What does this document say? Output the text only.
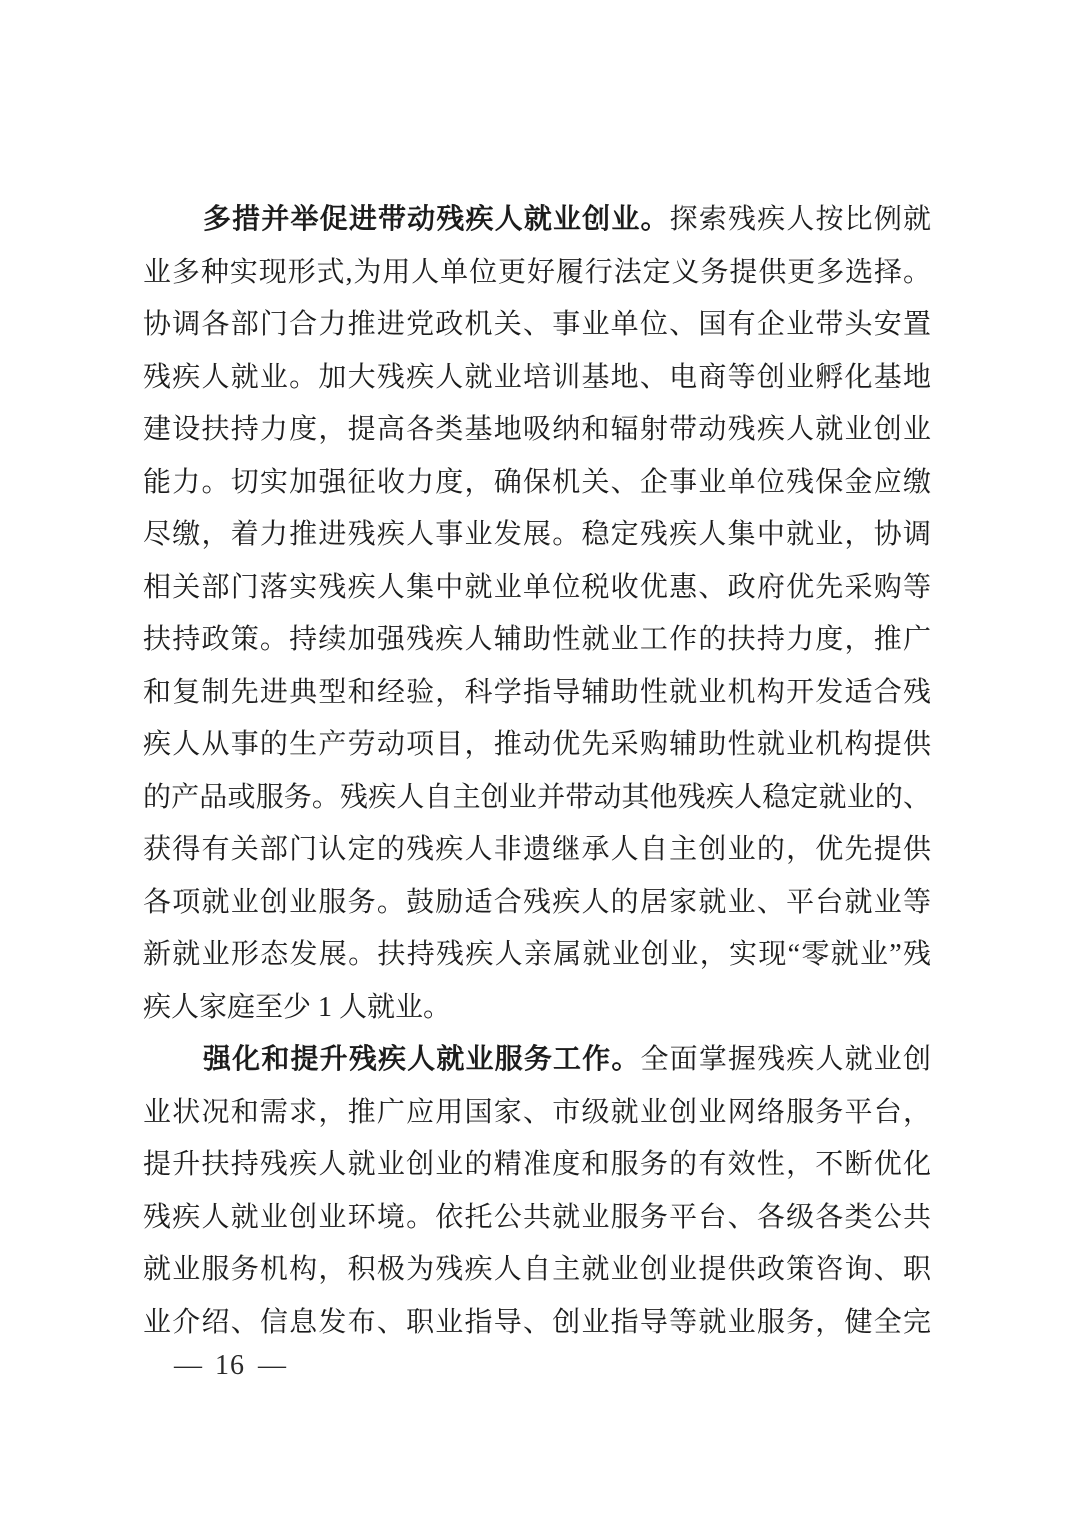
多措并举促进带动残疾人就业创业。探索残疾人按比例就
业多种实现形式,为用人单位更好履行法定义务提供更多选择。
协调各部门合力推进党政机关、事业单位、国有企业带头安置
残疾人就业。加大残疾人就业培训基地、电商等创业孵化基地
建设扶持力度，提高各类基地吸纳和辐射带动残疾人就业创业
能力。切实加强征收力度，确保机关、企事业单位残保金应缴
尽缴，着力推进残疾人事业发展。稳定残疾人集中就业，协调
相关部门落实残疾人集中就业单位税收优惠、政府优先采购等
扶持政策。持续加强残疾人辅助性就业工作的扶持力度，推广
和复制先进典型和经验，科学指导辅助性就业机构开发适合残
疾人从事的生产劳动项目，推动优先采购辅助性就业机构提供
的产品或服务。残疾人自主创业并带动其他残疾人稳定就业的、
获得有关部门认定的残疾人非遗继承人自主创业的，优先提供
各项就业创业服务。鼓励适合残疾人的居家就业、平台就业等
新就业形态发展。扶持残疾人亲属就业创业，实现“零就业”残
疾人家庭至少 1 人就业。
强化和提升残疾人就业服务工作。全面掌握残疾人就业创
业状况和需求，推广应用国家、市级就业创业网络服务平台，
提升扶持残疾人就业创业的精准度和服务的有效性，不断优化
残疾人就业创业环境。依托公共就业服务平台、各级各类公共
就业服务机构，积极为残疾人自主就业创业提供政策咨询、职
业介绍、信息发布、职业指导、创业指导等就业服务，健全完
— 16 —
